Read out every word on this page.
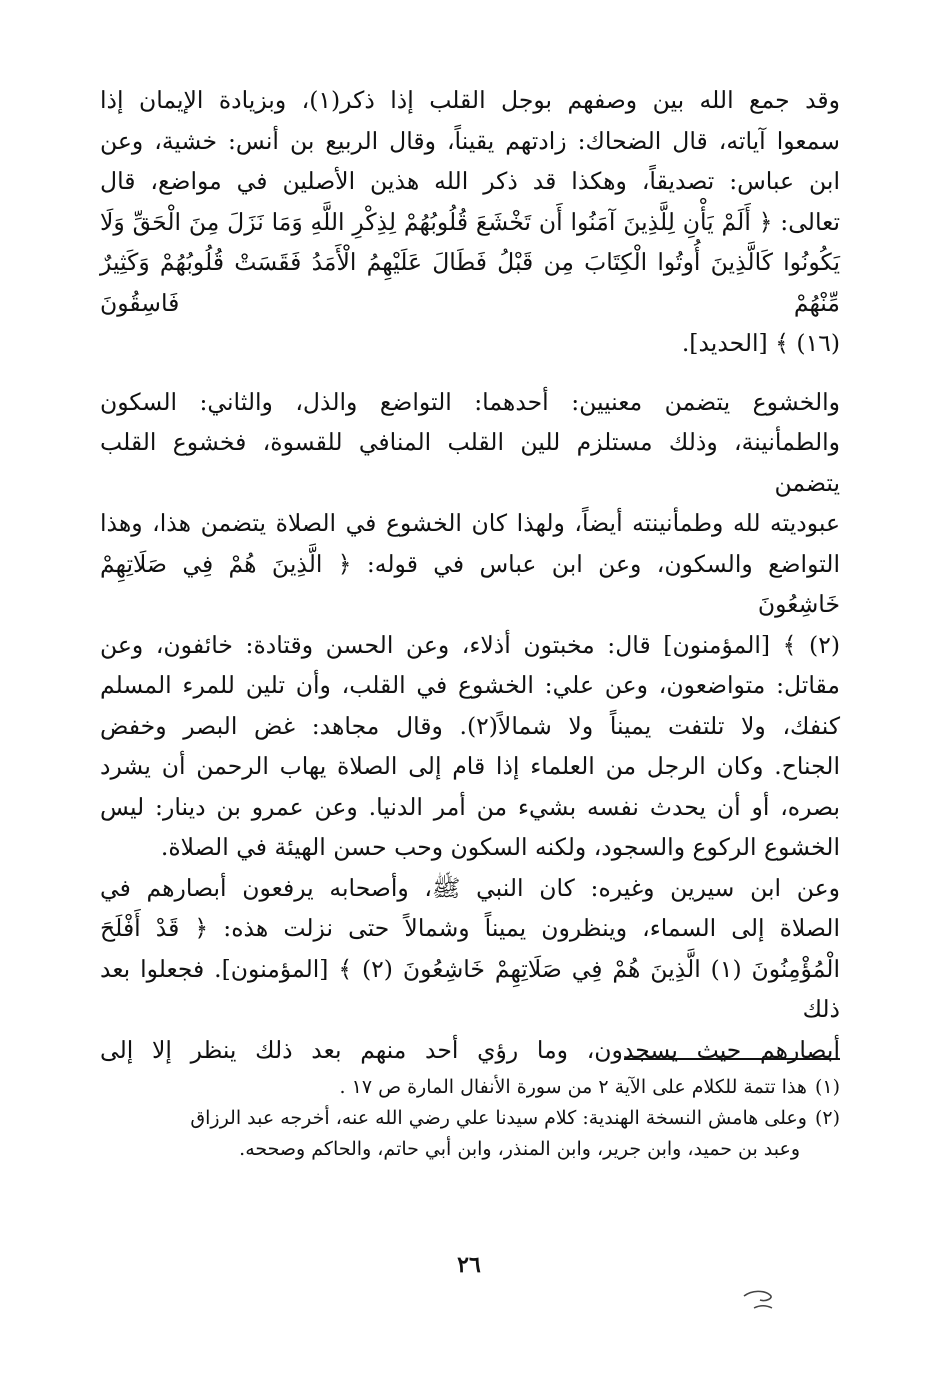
وقد جمع الله بين وصفهم بوجل القلب إذا ذكر(١)، وبزيادة الإيمان إذا
سمعوا آياته، قال الضحاك: زادتهم يقيناً، وقال الربيع بن أنس: خشية، وعن
ابن عباس: تصديقاً، وهكذا قد ذكر الله هذين الأصلين في مواضع، قال
تعالى: ﴿ أَلَمْ يَأْنِ لِلَّذِينَ آمَنُوا أَن تَخْشَعَ قُلُوبُهُمْ لِذِكْرِ اللَّهِ وَمَا نَزَلَ مِنَ الْحَقِّ وَلَا
يَكُونُوا كَالَّذِينَ أُوتُوا الْكِتَابَ مِن قَبْلُ فَطَالَ عَلَيْهِمُ الْأَمَدُ فَقَسَتْ قُلُوبُهُمْ وَكَثِيرٌ مِّنْهُمْ فَاسِقُونَ
(١٦) ﴾ [الحديد].

والخشوع يتضمن معنيين: أحدهما: التواضع والذل، والثاني: السكون
والطمأنينة، وذلك مستلزم للين القلب المنافي للقسوة، فخشوع القلب يتضمن
عبوديته لله وطمأنينته أيضاً، ولهذا كان الخشوع في الصلاة يتضمن هذا، وهذا
التواضع والسكون، وعن ابن عباس في قوله: ﴿ الَّذِينَ هُمْ فِي صَلَاتِهِمْ خَاشِعُونَ
(٢) ﴾ [المؤمنون] قال: مخبتون أذلاء، وعن الحسن وقتادة: خائفون، وعن
مقاتل: متواضعون، وعن علي: الخشوع في القلب، وأن تلين للمرء المسلم
كنفك، ولا تلتفت يميناً ولا شمالاً(٢). وقال مجاهد: غض البصر وخفض
الجناح. وكان الرجل من العلماء إذا قام إلى الصلاة يهاب الرحمن أن يشرد
بصره، أو أن يحدث نفسه بشيء من أمر الدنيا. وعن عمرو بن دينار: ليس
الخشوع الركوع والسجود، ولكنه السكون وحب حسن الهيئة في الصلاة.
وعن ابن سيرين وغيره: كان النبي ﷺ، وأصحابه يرفعون أبصارهم في
الصلاة إلى السماء، وينظرون يميناً وشمالاً حتى نزلت هذه: ﴿ قَدْ أَفْلَحَ
الْمُؤْمِنُونَ (١) الَّذِينَ هُمْ فِي صَلَاتِهِمْ خَاشِعُونَ (٢) ﴾ [المؤمنون]. فجعلوا بعد ذلك
أبصارهم حيث يسجدون، وما رؤي أحد منهم بعد ذلك ينظر إلا إلى

(١)هذا تتمة للكلام على الآية ٢ من سورة الأنفال المارة ص ١٧ .
(٢)وعلى هامش النسخة الهندية: كلام سيدنا علي رضي الله عنه، أخرجه عبد الرزاق
وعبد بن حميد، وابن جرير، وابن المنذر، وابن أبي حاتم، والحاكم وصححه.
٢٦
